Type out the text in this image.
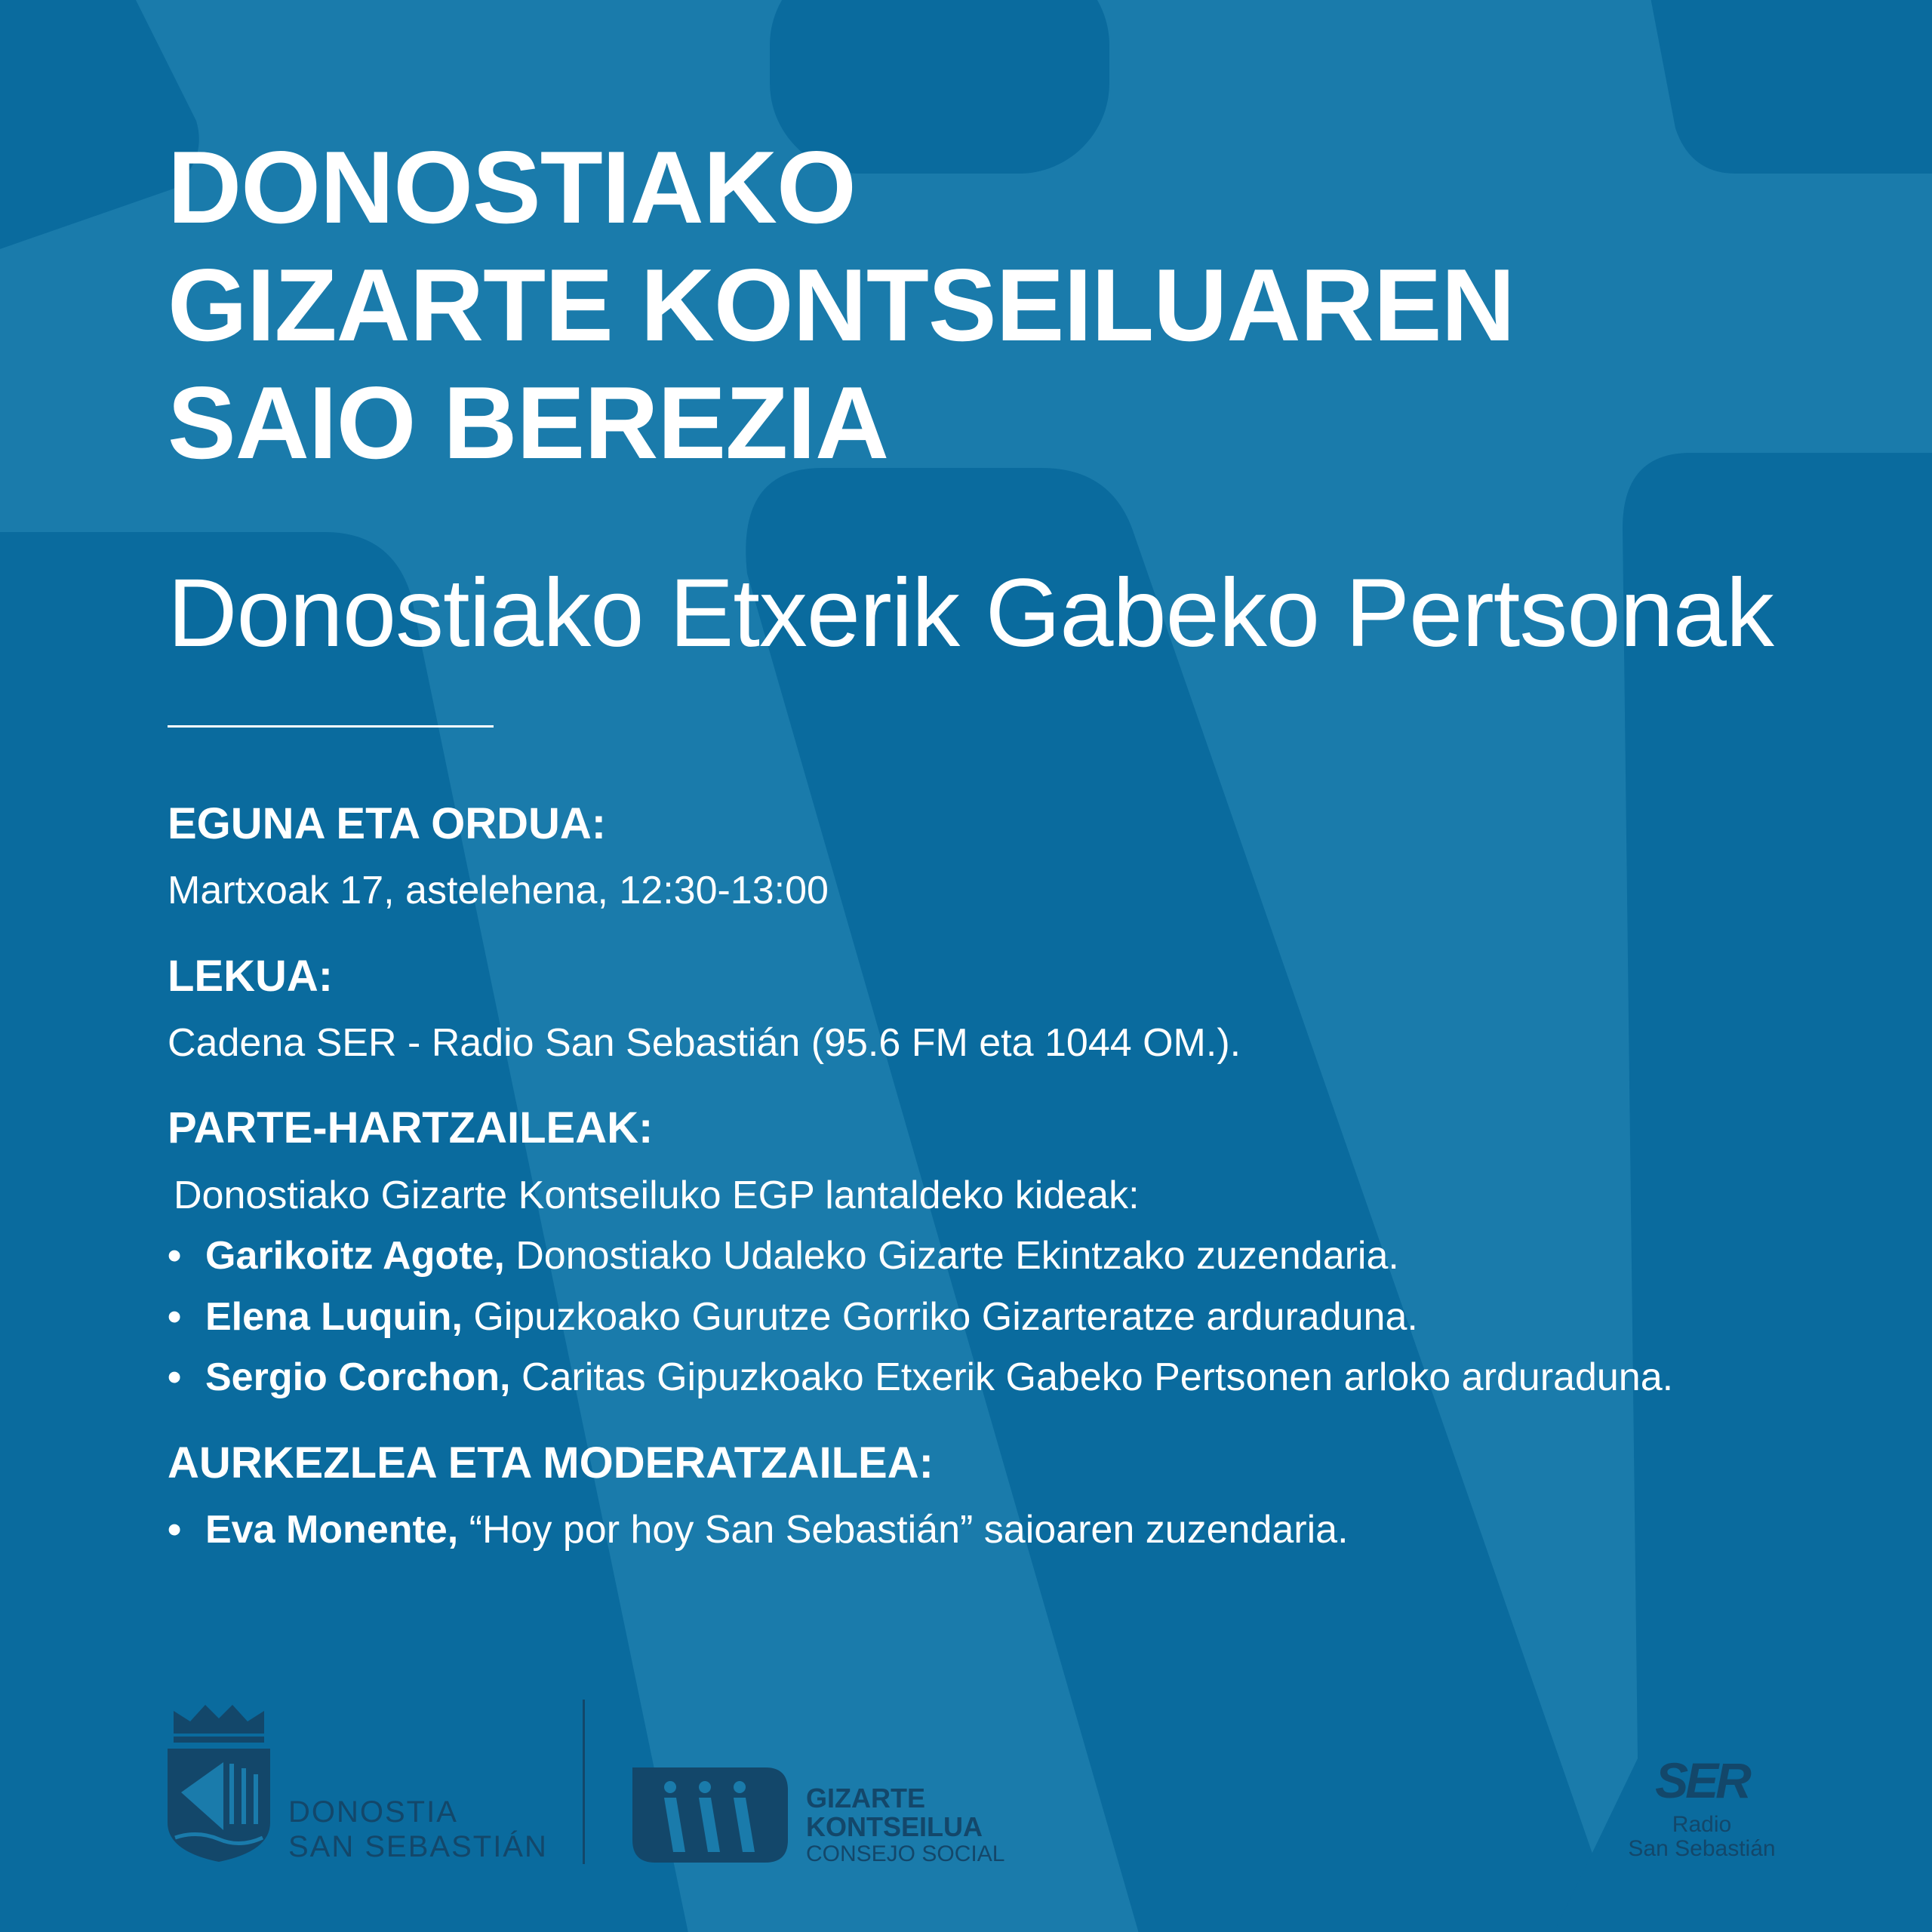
DONOSTIAKO
GIZARTE KONTSEILUAREN
SAIO BEREZIA
Donostiako Etxerik Gabeko Pertsonak
EGUNA ETA ORDUA:

Martxoak 17, astelehena, 12:30-13:00

LEKUA:

Cadena SER - Radio San Sebastián (95.6 FM eta 1044 OM.).

PARTE-HARTZAILEAK:

Donostiako Gizarte Kontseiluko EGP lantaldeko kideak:

• Garikoitz Agote, Donostiako Udaleko Gizarte Ekintzako zuzendaria.

• Elena Luquin, Gipuzkoako Gurutze Gorriko Gizarteratze arduraduna.

• Sergio Corchon, Caritas Gipuzkoako Etxerik Gabeko Pertsonen arloko arduraduna.

AURKEZLEA ETA MODERATZAILEA:

• Eva Monente, “Hoy por hoy San Sebastián” saioaren zuzendaria.

DONOSTIA
SAN SEBASTIÁN
GIZARTE
KONTSEILUA
CONSEJO SOCIAL
SER
Radio
San Sebastián
